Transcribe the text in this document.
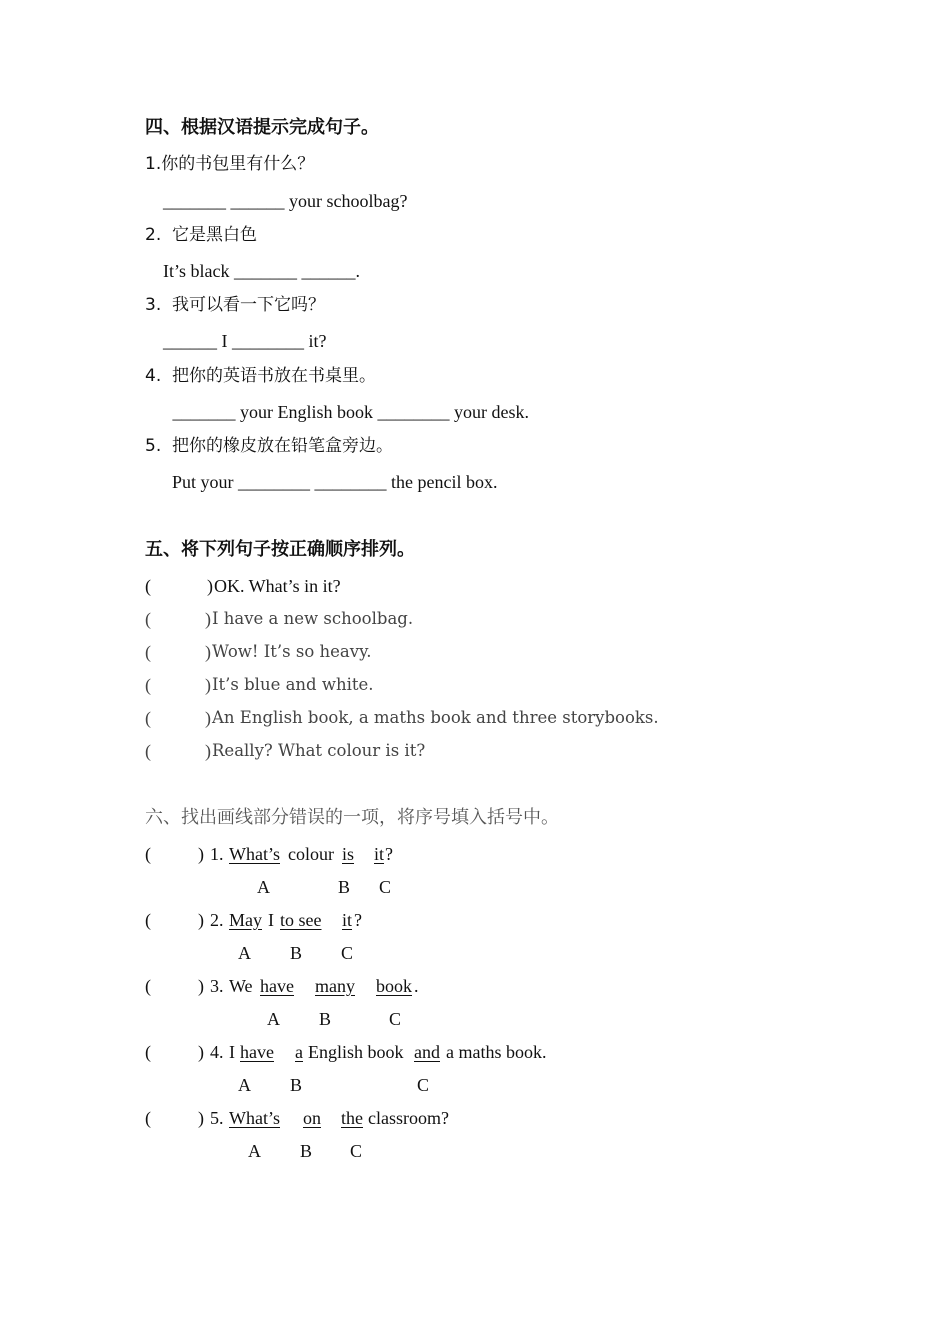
四、根据汉语提示完成句子。
1.你的书包里有什么？
_______ ______ your schoolbag?
2.  它是黑白色
It’s black _______ ______.
3.  我可以看一下它吗？
______ I ________ it?
4.  把你的英语书放在书桌里。
_______ your English book ________ your desk.
5.  把你的橡皮放在铅笔盒旁边。
Put your ________ ________ the pencil box.
五、将下列句子按正确顺序排列。
(	) OK. What’s in it?
(	) I have a new schoolbag.
(	) Wow! It’s so heavy.
(	) It’s blue and white.
(	) An English book, a maths book and three storybooks.
(	) Really? What colour is it?
六、找出画线部分错误的一项，将序号填入括号中。
(	) 1. What’s colour is it ?
A	B C
(	) 2. May I to see it ?
A B C
(	) 3. We have many book .
A B	C
(	) 4. I have a English book and a maths book.
A B	C
(	) 5. What’s on the classroom?
A B C
